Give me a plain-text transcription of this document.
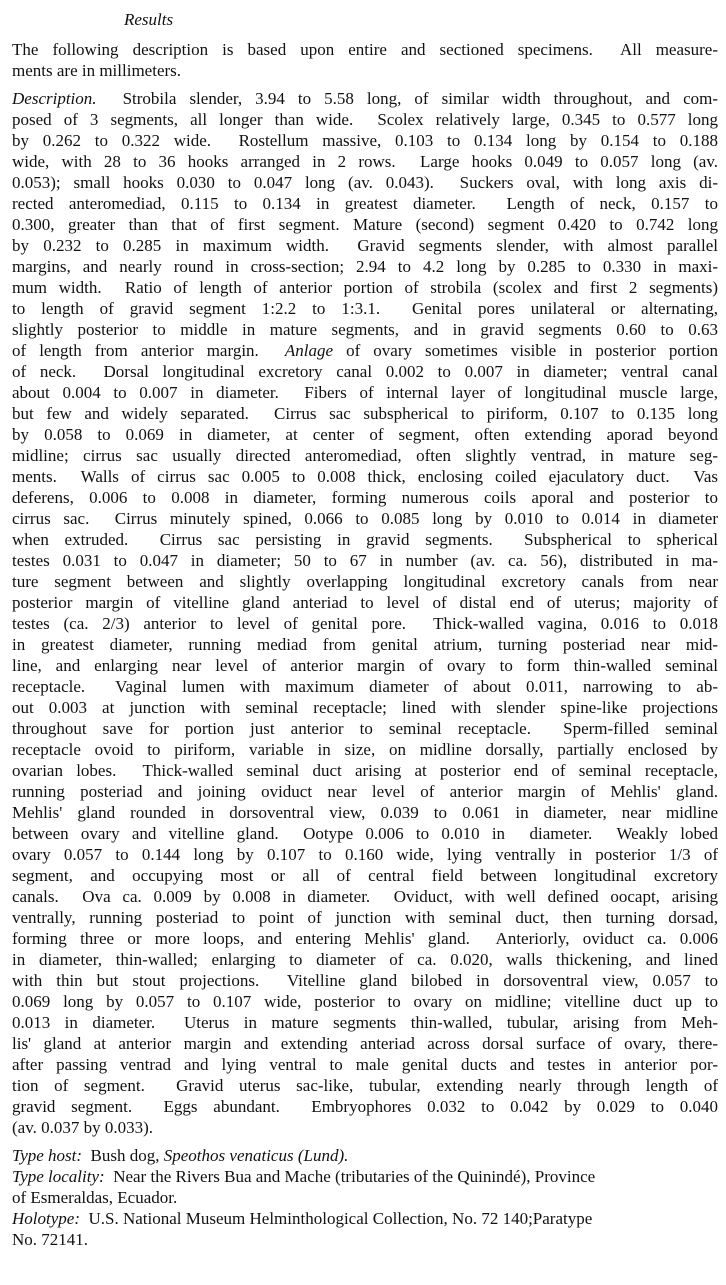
Results
The following description is based upon entire and sectioned specimens.  All measure-
ments are in millimeters.
Description.  Strobila slender, 3.94 to 5.58 long, of similar width throughout, and com-
posed of 3 segments, all longer than wide.  Scolex relatively large, 0.345 to 0.577 long
by 0.262 to 0.322 wide.  Rostellum massive, 0.103 to 0.134 long by 0.154 to 0.188
wide, with 28 to 36 hooks arranged in 2 rows.  Large hooks 0.049 to 0.057 long (av.
0.053); small hooks 0.030 to 0.047 long (av. 0.043).  Suckers oval, with long axis di-
rected anteromediad, 0.115 to 0.134 in greatest diameter.  Length of neck, 0.157 to
0.300, greater than that of first segment. Mature (second) segment 0.420 to 0.742 long
by 0.232 to 0.285 in maximum width.  Gravid segments slender, with almost parallel
margins, and nearly round in cross-section; 2.94 to 4.2 long by 0.285 to 0.330 in maxi-
mum width.  Ratio of length of anterior portion of strobila (scolex and first 2 segments)
to length of gravid segment 1:2.2 to 1:3.1.  Genital pores unilateral or alternating,
slightly posterior to middle in mature segments, and in gravid segments 0.60 to 0.63
of length from anterior margin.  Anlage of ovary sometimes visible in posterior portion
of neck.  Dorsal longitudinal excretory canal 0.002 to 0.007 in diameter; ventral canal
about 0.004 to 0.007 in diameter.  Fibers of internal layer of longitudinal muscle large,
but few and widely separated.  Cirrus sac subspherical to piriform, 0.107 to 0.135 long
by 0.058 to 0.069 in diameter, at center of segment, often extending aporad beyond
midline; cirrus sac usually directed anteromediad, often slightly ventrad, in mature seg-
ments.  Walls of cirrus sac 0.005 to 0.008 thick, enclosing coiled ejaculatory duct.  Vas
deferens, 0.006 to 0.008 in diameter, forming numerous coils aporal and posterior to
cirrus sac.  Cirrus minutely spined, 0.066 to 0.085 long by 0.010 to 0.014 in diameter
when extruded.  Cirrus sac persisting in gravid segments.  Subspherical to spherical
testes 0.031 to 0.047 in diameter; 50 to 67 in number (av. ca. 56), distributed in ma-
ture segment between and slightly overlapping longitudinal excretory canals from near
posterior margin of vitelline gland anteriad to level of distal end of uterus; majority of
testes (ca. 2/3) anterior to level of genital pore.  Thick-walled vagina, 0.016 to 0.018
in greatest diameter, running mediad from genital atrium, turning posteriad near mid-
line, and enlarging near level of anterior margin of ovary to form thin-walled seminal
receptacle.  Vaginal lumen with maximum diameter of about 0.011, narrowing to ab-
out 0.003 at junction with seminal receptacle; lined with slender spine-like projections
throughout save for portion just anterior to seminal receptacle.  Sperm-filled seminal
receptacle ovoid to piriform, variable in size, on midline dorsally, partially enclosed by
ovarian lobes.  Thick-walled seminal duct arising at posterior end of seminal receptacle,
running posteriad and joining oviduct near level of anterior margin of Mehlis' gland.
Mehlis' gland rounded in dorsoventral view, 0.039 to 0.061 in diameter, near midline
between ovary and vitelline gland.  Ootype 0.006 to 0.010 in  diameter.  Weakly lobed
ovary 0.057 to 0.144 long by 0.107 to 0.160 wide, lying ventrally in posterior 1/3 of
segment, and occupying most or all of central field between longitudinal excretory
canals.  Ova ca. 0.009 by 0.008 in diameter.  Oviduct, with well defined oocapt, arising
ventrally, running posteriad to point of junction with seminal duct, then turning dorsad,
forming three or more loops, and entering Mehlis' gland.  Anteriorly, oviduct ca. 0.006
in diameter, thin-walled; enlarging to diameter of ca. 0.020, walls thickening, and lined
with thin but stout projections.  Vitelline gland bilobed in dorsoventral view, 0.057 to
0.069 long by 0.057 to 0.107 wide, posterior to ovary on midline; vitelline duct up to
0.013 in diameter.  Uterus in mature segments thin-walled, tubular, arising from Meh-
lis' gland at anterior margin and extending anteriad across dorsal surface of ovary, there-
after passing ventrad and lying ventral to male genital ducts and testes in anterior por-
tion of segment.  Gravid uterus sac-like, tubular, extending nearly through length of
gravid segment.  Eggs abundant.  Embryophores 0.032 to 0.042 by 0.029 to 0.040
(av. 0.037 by 0.033).
Type host:  Bush dog, Speothos venaticus (Lund).
Type locality:  Near the Rivers Bua and Mache (tributaries of the Quinindé), Province
of Esmeraldas, Ecuador.
Holotype:  U.S. National Museum Helminthological Collection, No. 72 140;Paratype
No. 72141.
